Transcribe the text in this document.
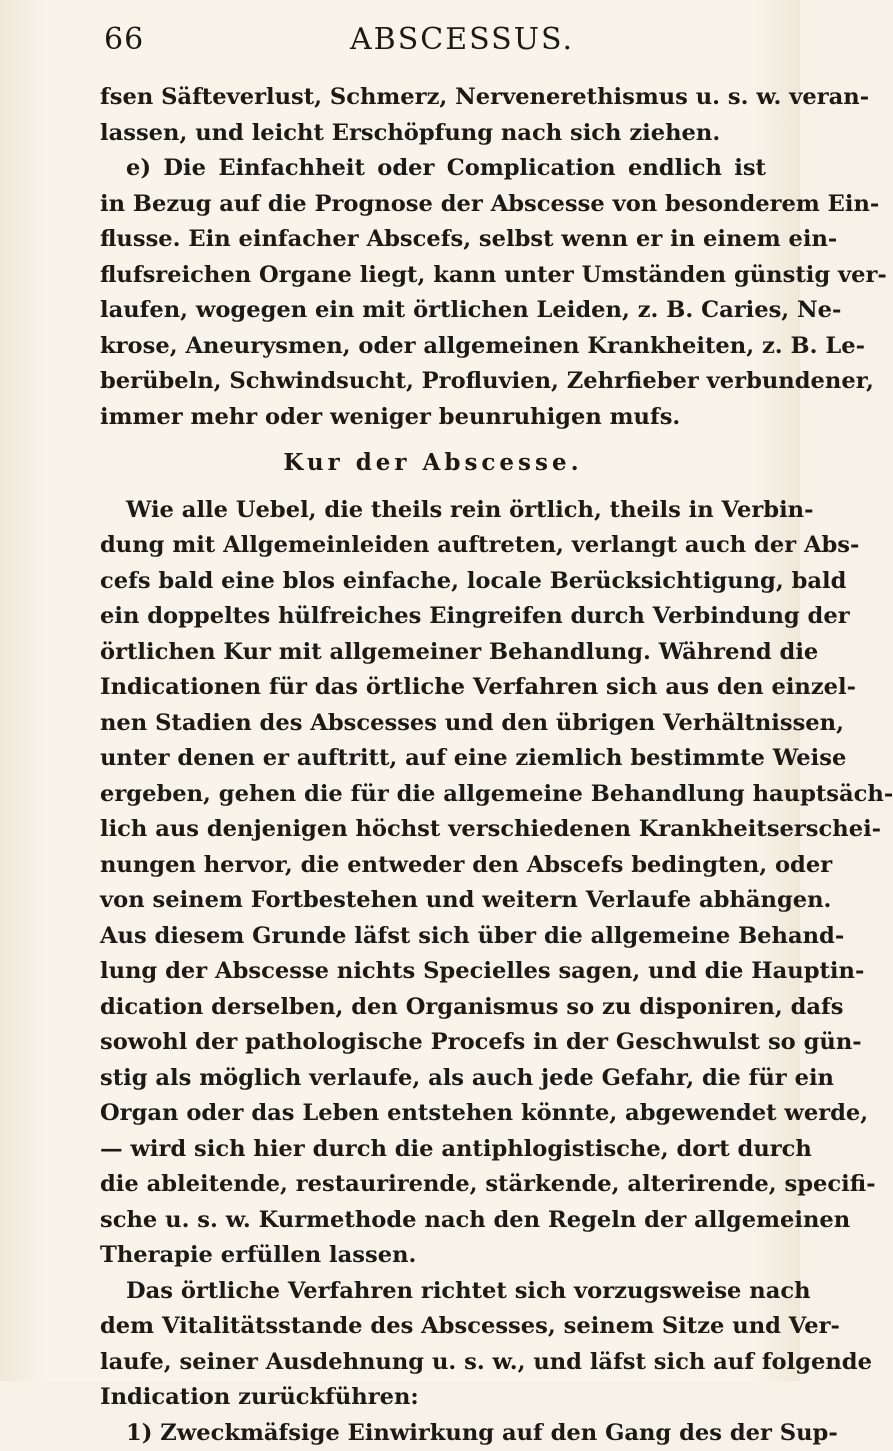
66	ABSCESSUS.
fsen Säfteverlust, Schmerz, Nervenerethismus u. s. w. veran-
lassen, und leicht Erschöpfung nach sich ziehen.
e) Die Einfachheit oder Complication endlich ist
in Bezug auf die Prognose der Abscesse von besonderem Ein-
flusse. Ein einfacher Abscefs, selbst wenn er in einem ein-
flufsreichen Organe liegt, kann unter Umständen günstig ver-
laufen, wogegen ein mit örtlichen Leiden, z. B. Caries, Ne-
krose, Aneurysmen, oder allgemeinen Krankheiten, z. B. Le-
berübeln, Schwindsucht, Profluvien, Zehrfieber verbundener,
immer mehr oder weniger beunruhigen mufs.
Kur der Abscesse.
Wie alle Uebel, die theils rein örtlich, theils in Verbin-
dung mit Allgemeinleiden auftreten, verlangt auch der Abs-
cefs bald eine blos einfache, locale Berücksichtigung, bald
ein doppeltes hülfreiches Eingreifen durch Verbindung der
örtlichen Kur mit allgemeiner Behandlung. Während die
Indicationen für das örtliche Verfahren sich aus den einzel-
nen Stadien des Abscesses und den übrigen Verhältnissen,
unter denen er auftritt, auf eine ziemlich bestimmte Weise
ergeben, gehen die für die allgemeine Behandlung hauptsäch-
lich aus denjenigen höchst verschiedenen Krankheitserschei-
nungen hervor, die entweder den Abscefs bedingten, oder
von seinem Fortbestehen und weitern Verlaufe abhängen.
Aus diesem Grunde läfst sich über die allgemeine Behand-
lung der Abscesse nichts Specielles sagen, und die Hauptin-
dication derselben, den Organismus so zu disponiren, dafs
sowohl der pathologische Procefs in der Geschwulst so gün-
stig als möglich verlaufe, als auch jede Gefahr, die für ein
Organ oder das Leben entstehen könnte, abgewendet werde,
— wird sich hier durch die antiphlogistische, dort durch
die ableitende, restaurirende, stärkende, alterirende, specifi-
sche u. s. w. Kurmethode nach den Regeln der allgemeinen
Therapie erfüllen lassen.
Das örtliche Verfahren richtet sich vorzugsweise nach
dem Vitalitätsstande des Abscesses, seinem Sitze und Ver-
laufe, seiner Ausdehnung u. s. w., und läfst sich auf folgende
Indication zurückführen:
1) Zweckmäfsige Einwirkung auf den Gang des der Sup-
